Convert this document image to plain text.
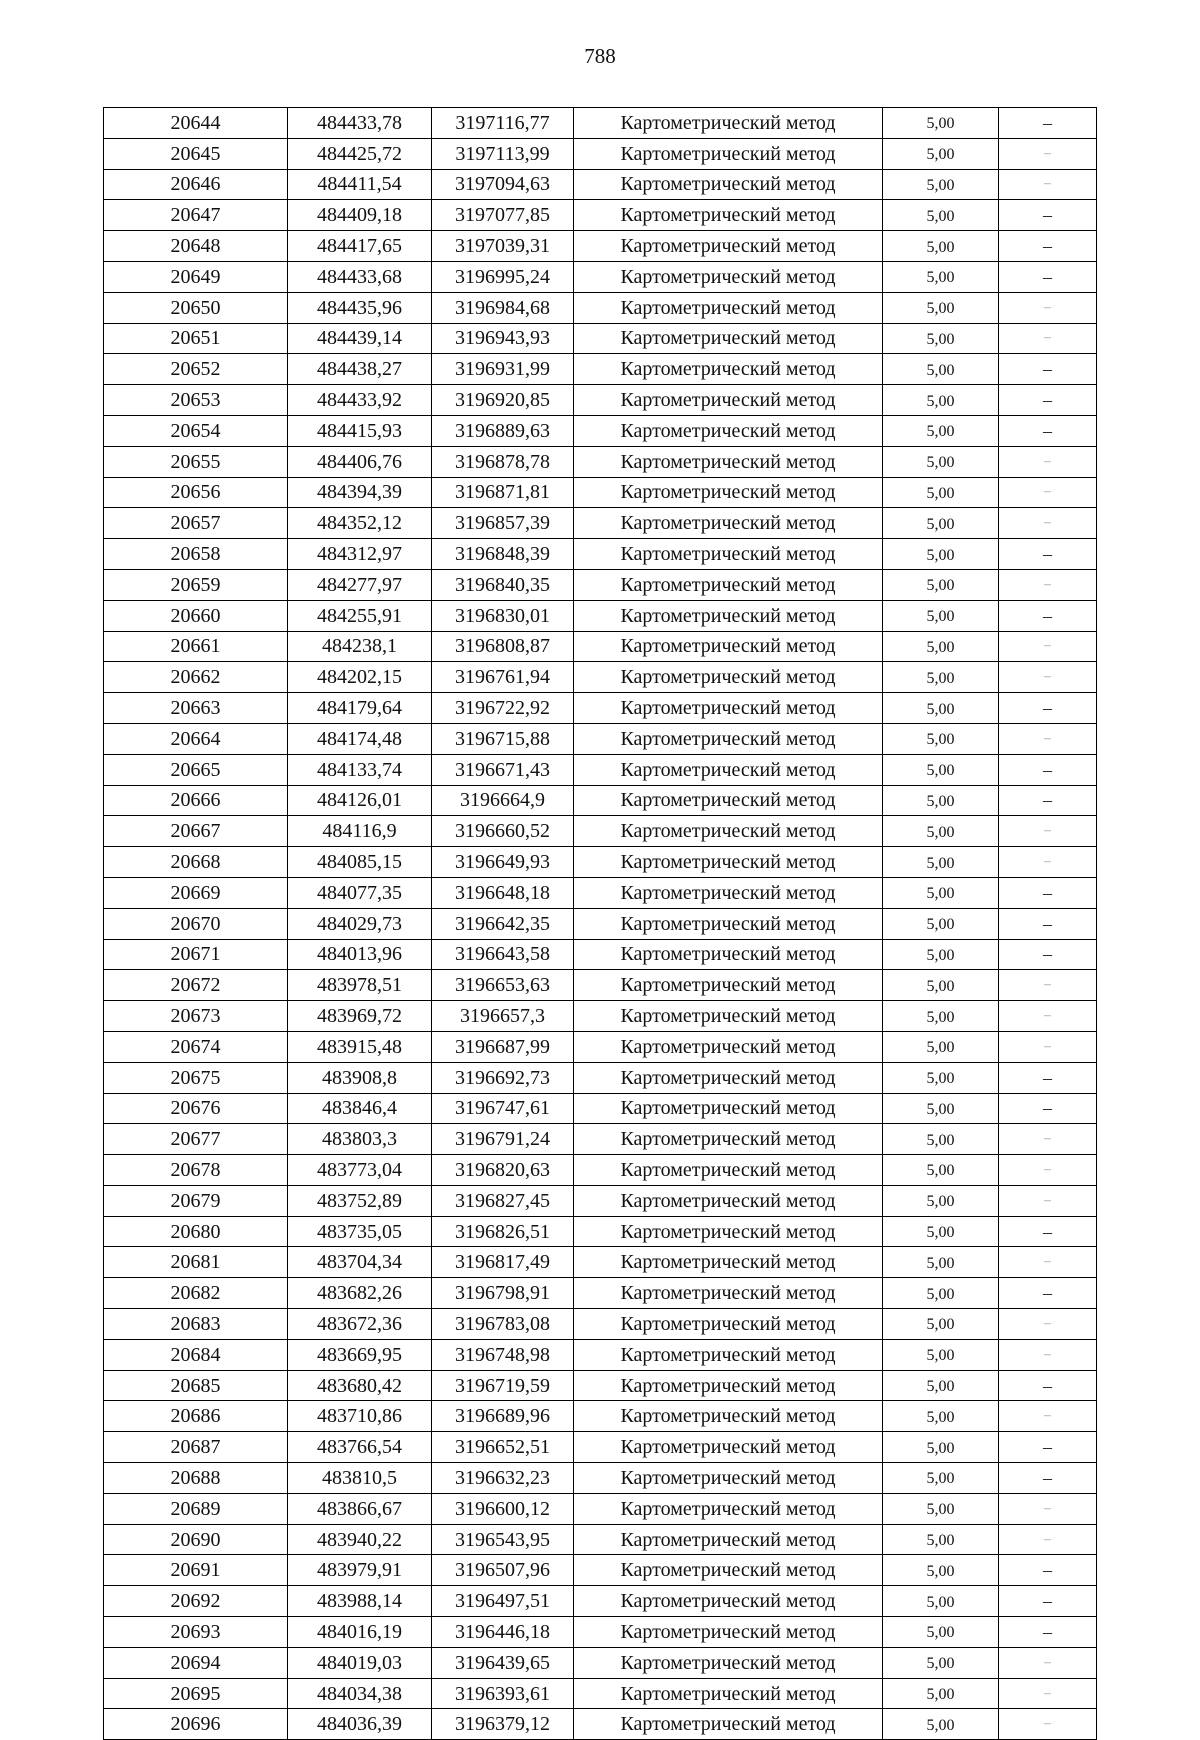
788
20644	484433,78	3197116,77	Картометрический метод	5,00	–
20645	484425,72	3197113,99	Картометрический метод	5,00	–
20646	484411,54	3197094,63	Картометрический метод	5,00	–
20647	484409,18	3197077,85	Картометрический метод	5,00	–
20648	484417,65	3197039,31	Картометрический метод	5,00	–
20649	484433,68	3196995,24	Картометрический метод	5,00	–
20650	484435,96	3196984,68	Картометрический метод	5,00	–
20651	484439,14	3196943,93	Картометрический метод	5,00	–
20652	484438,27	3196931,99	Картометрический метод	5,00	–
20653	484433,92	3196920,85	Картометрический метод	5,00	–
20654	484415,93	3196889,63	Картометрический метод	5,00	–
20655	484406,76	3196878,78	Картометрический метод	5,00	–
20656	484394,39	3196871,81	Картометрический метод	5,00	–
20657	484352,12	3196857,39	Картометрический метод	5,00	–
20658	484312,97	3196848,39	Картометрический метод	5,00	–
20659	484277,97	3196840,35	Картометрический метод	5,00	–
20660	484255,91	3196830,01	Картометрический метод	5,00	–
20661	484238,1	3196808,87	Картометрический метод	5,00	–
20662	484202,15	3196761,94	Картометрический метод	5,00	–
20663	484179,64	3196722,92	Картометрический метод	5,00	–
20664	484174,48	3196715,88	Картометрический метод	5,00	–
20665	484133,74	3196671,43	Картометрический метод	5,00	–
20666	484126,01	3196664,9	Картометрический метод	5,00	–
20667	484116,9	3196660,52	Картометрический метод	5,00	–
20668	484085,15	3196649,93	Картометрический метод	5,00	–
20669	484077,35	3196648,18	Картометрический метод	5,00	–
20670	484029,73	3196642,35	Картометрический метод	5,00	–
20671	484013,96	3196643,58	Картометрический метод	5,00	–
20672	483978,51	3196653,63	Картометрический метод	5,00	–
20673	483969,72	3196657,3	Картометрический метод	5,00	–
20674	483915,48	3196687,99	Картометрический метод	5,00	–
20675	483908,8	3196692,73	Картометрический метод	5,00	–
20676	483846,4	3196747,61	Картометрический метод	5,00	–
20677	483803,3	3196791,24	Картометрический метод	5,00	–
20678	483773,04	3196820,63	Картометрический метод	5,00	–
20679	483752,89	3196827,45	Картометрический метод	5,00	–
20680	483735,05	3196826,51	Картометрический метод	5,00	–
20681	483704,34	3196817,49	Картометрический метод	5,00	–
20682	483682,26	3196798,91	Картометрический метод	5,00	–
20683	483672,36	3196783,08	Картометрический метод	5,00	–
20684	483669,95	3196748,98	Картометрический метод	5,00	–
20685	483680,42	3196719,59	Картометрический метод	5,00	–
20686	483710,86	3196689,96	Картометрический метод	5,00	–
20687	483766,54	3196652,51	Картометрический метод	5,00	–
20688	483810,5	3196632,23	Картометрический метод	5,00	–
20689	483866,67	3196600,12	Картометрический метод	5,00	–
20690	483940,22	3196543,95	Картометрический метод	5,00	–
20691	483979,91	3196507,96	Картометрический метод	5,00	–
20692	483988,14	3196497,51	Картометрический метод	5,00	–
20693	484016,19	3196446,18	Картометрический метод	5,00	–
20694	484019,03	3196439,65	Картометрический метод	5,00	–
20695	484034,38	3196393,61	Картометрический метод	5,00	–
20696	484036,39	3196379,12	Картометрический метод	5,00	–
